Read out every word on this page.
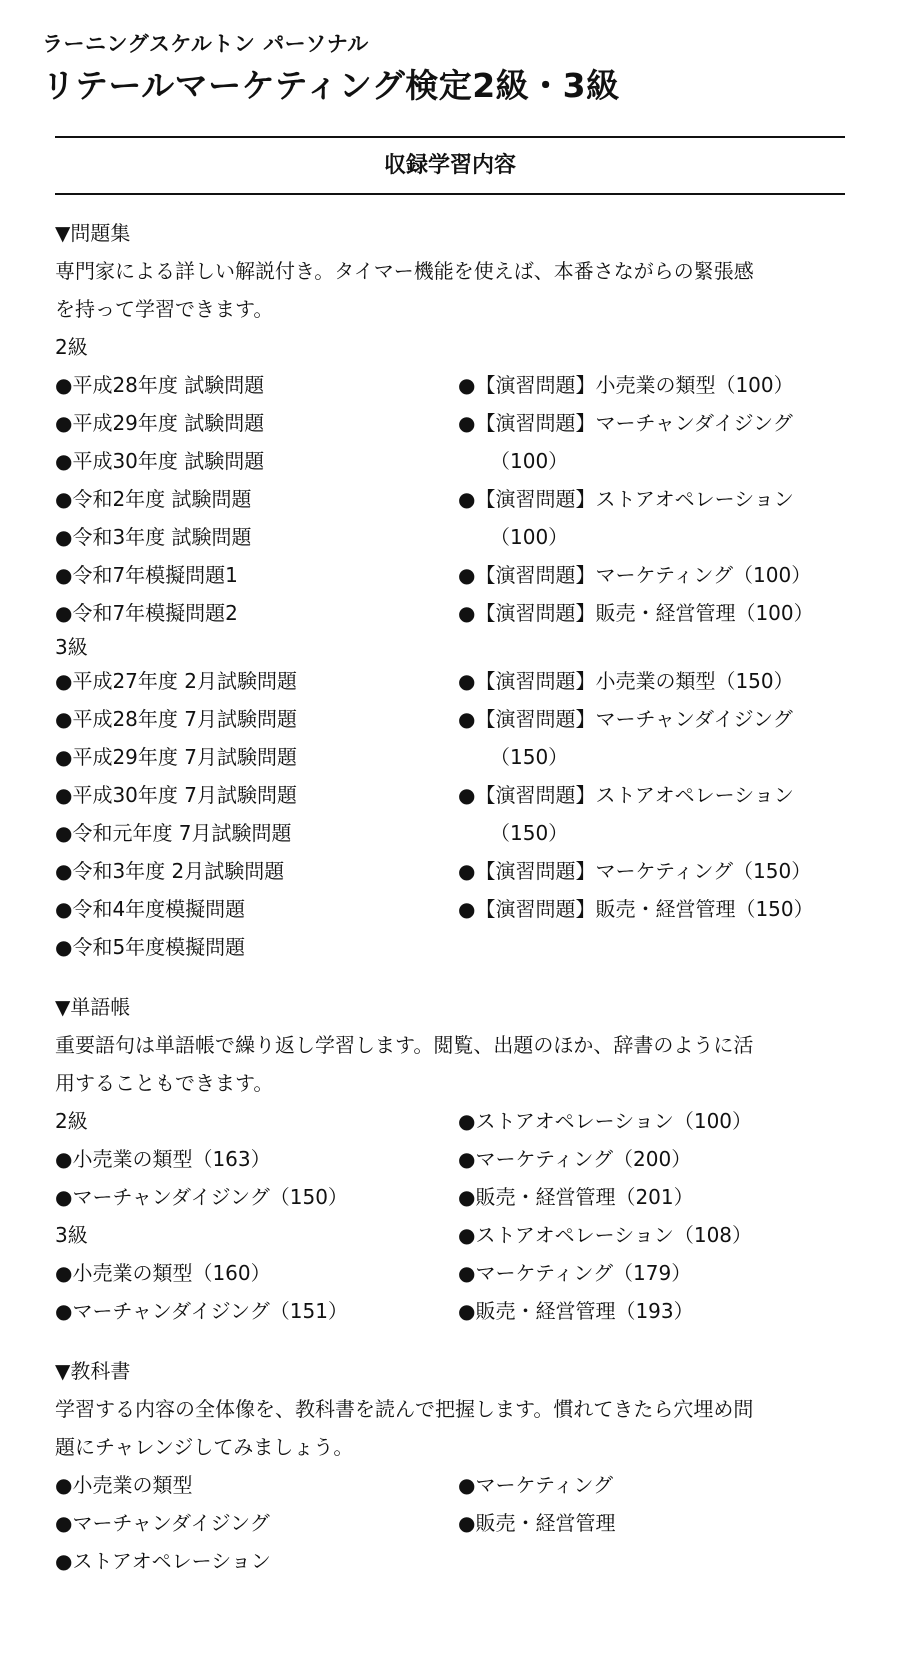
ラーニングスケルトン パーソナル
リテールマーケティング検定2級・3級
収録学習内容
▼問題集
専門家による詳しい解説付き。タイマー機能を使えば、本番さながらの緊張感
を持って学習できます。
2級
●平成28年度 試験問題
●平成29年度 試験問題
●平成30年度 試験問題
●令和2年度 試験問題
●令和3年度 試験問題
●令和7年模擬問題1
●令和7年模擬問題2
●【演習問題】小売業の類型（100）
●【演習問題】マーチャンダイジング
（100）
●【演習問題】ストアオペレーション
（100）
●【演習問題】マーケティング（100）
●【演習問題】販売・経営管理（100）
3級
●平成27年度 2月試験問題
●平成28年度 7月試験問題
●平成29年度 7月試験問題
●平成30年度 7月試験問題
●令和元年度 7月試験問題
●令和3年度 2月試験問題
●令和4年度模擬問題
●令和5年度模擬問題
●【演習問題】小売業の類型（150）
●【演習問題】マーチャンダイジング
（150）
●【演習問題】ストアオペレーション
（150）
●【演習問題】マーケティング（150）
●【演習問題】販売・経営管理（150）
▼単語帳
重要語句は単語帳で繰り返し学習します。閲覧、出題のほか、辞書のように活
用することもできます。
2級
●小売業の類型（163）
●マーチャンダイジング（150）
3級
●小売業の類型（160）
●マーチャンダイジング（151）
●ストアオペレーション（100）
●マーケティング（200）
●販売・経営管理（201）
●ストアオペレーション（108）
●マーケティング（179）
●販売・経営管理（193）
▼教科書
学習する内容の全体像を、教科書を読んで把握します。慣れてきたら穴埋め問
題にチャレンジしてみましょう。
●小売業の類型
●マーチャンダイジング
●ストアオペレーション
●マーケティング
●販売・経営管理
